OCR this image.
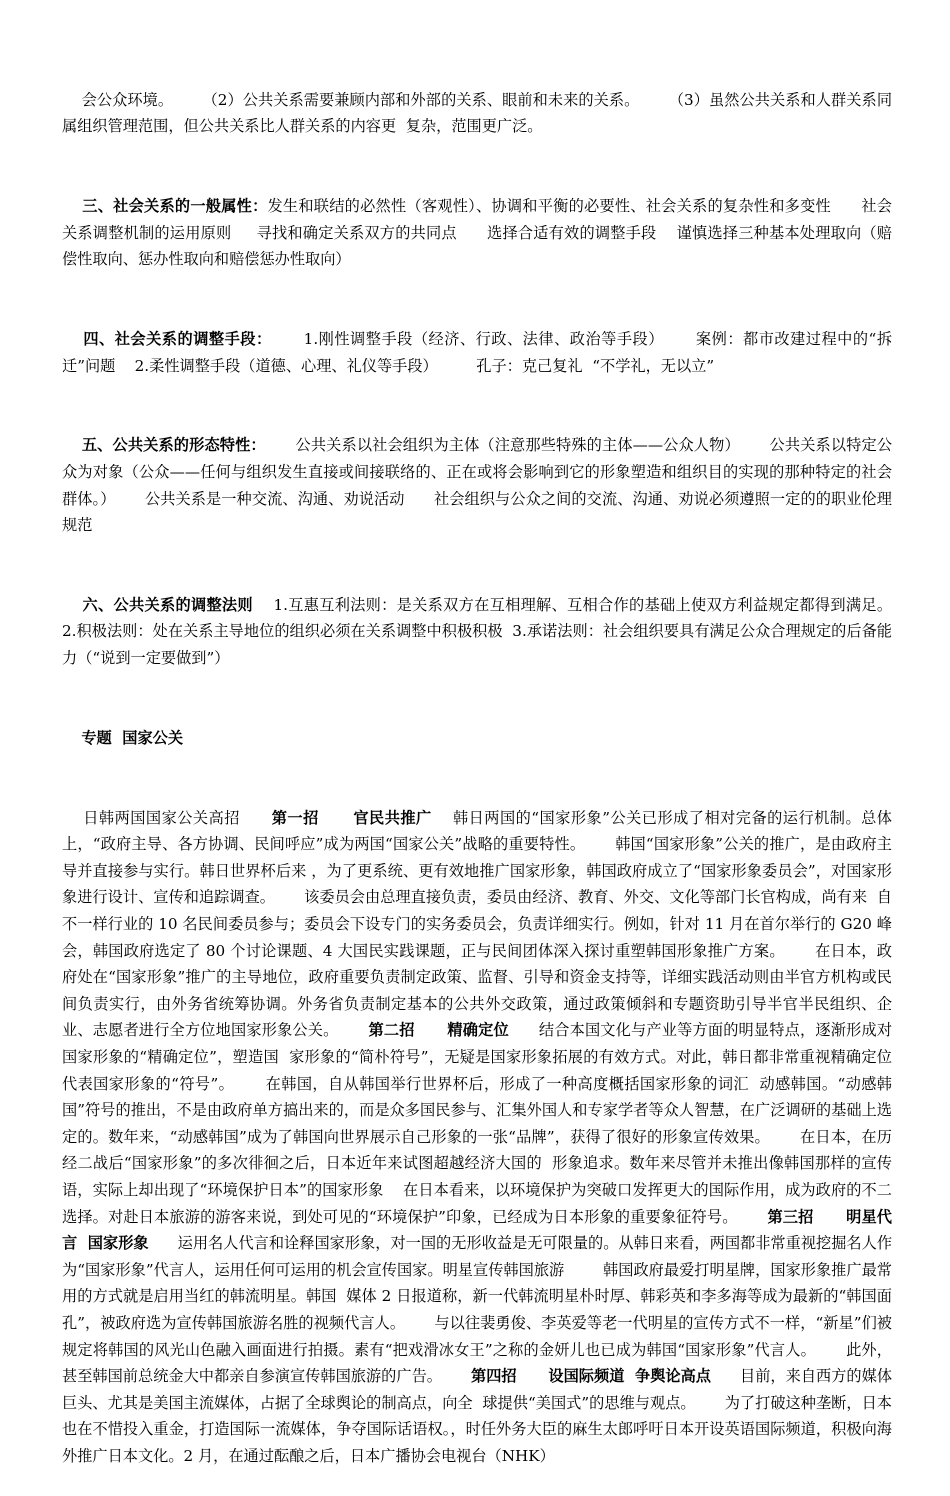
会公众环境。      （2）公共关系需要兼顾内部和外部的关系、眼前和未来的关系。      （3）虽然公共关系和人群关系同属组织管理范围，但公共关系比人群关系的内容更  复杂，范围更广泛。

三、社会关系的一般属性：发生和联结的必然性（客观性）、协调和平衡的必要性、社会关系的复杂性和多变性      社会关系调整机制的运用原则     寻找和确定关系双方的共同点      选择合适有效的调整手段    谨慎选择三种基本处理取向（赔偿性取向、惩办性取向和赔偿惩办性取向）

四、社会关系的调整手段：      1.刚性调整手段（经济、行政、法律、政治等手段）      案例：都市改建过程中的“拆迁”问题    2.柔性调整手段（道德、心理、礼仪等手段）        孔子：克己复礼  “不学礼，无以立”

五、公共关系的形态特性：      公共关系以社会组织为主体（注意那些特殊的主体——公众人物）      公共关系以特定公众为对象（公众——任何与组织发生直接或间接联络的、正在或将会影响到它的形象塑造和组织目的实现的那种特定的社会群体。）      公共关系是一种交流、沟通、劝说活动      社会组织与公众之间的交流、沟通、劝说必须遵照一定的的职业伦理规范

六、公共关系的调整法则    1.互惠互利法则：是关系双方在互相理解、互相合作的基础上使双方利益规定都得到满足。      2.积极法则：处在关系主导地位的组织必须在关系调整中积极积极  3.承诺法则：社会组织要具有满足公众合理规定的后备能力（“说到一定要做到”）

专题  国家公关

日韩两国国家公关高招      第一招      官民共推广    韩日两国的“国家形象”公关已形成了相对完备的运行机制。总体上，“政府主导、各方协调、民间呼应”成为两国“国家公关”战略的重要特性。      韩国“国家形象”公关的推广，是由政府主导并直接参与实行。韩日世界杯后来 ，为了更系统、更有效地推广国家形象，韩国政府成立了“国家形象委员会”，对国家形象进行设计、宣传和追踪调查。      该委员会由总理直接负责，委员由经济、教育、外交、文化等部门长官构成，尚有来  自不一样行业的 10 名民间委员参与；委员会下设专门的实务委员会，负责详细实行。例如，针对 11 月在首尔举行的 G20 峰会，韩国政府选定了 80 个讨论课题、4 大国民实践课题，正与民间团体深入探讨重塑韩国形象推广方案。      在日本，政府处在“国家形象”推广的主导地位，政府重要负责制定政策、监督、引导和资金支持等，详细实践活动则由半官方机构或民间负责实行，由外务省统筹协调。外务省负责制定基本的公共外交政策，通过政策倾斜和专题资助引导半官半民组织、企业、志愿者进行全方位地国家形象公关。      第二招      精确定位      结合本国文化与产业等方面的明显特点，逐渐形成对国家形象的“精确定位”，塑造国  家形象的“简朴符号”，无疑是国家形象拓展的有效方式。对此，韩日都非常重视精确定位代表国家形象的“符号”。      在韩国，自从韩国举行世界杯后，形成了一种高度概括国家形象的词汇  动感韩国。“动感韩国”符号的推出，不是由政府单方搞出来的，而是众多国民参与、汇集外国人和专家学者等众人智慧，在广泛调研的基础上选定的。数年来，“动感韩国”成为了韩国向世界展示自己形象的一张“品牌”，获得了很好的形象宣传效果。      在日本，在历经二战后“国家形象”的多次徘徊之后，日本近年来试图超越经济大国的  形象追求。数年来尽管并未推出像韩国那样的宣传语，实际上却出现了“环境保护日本”的国家形象    在日本看来，以环境保护为突破口发挥更大的国际作用，成为政府的不二选择。对赴日本旅游的游客来说，到处可见的“环境保护”印象，已经成为日本形象的重要象征符号。      第三招      明星代言  国家形象      运用名人代言和诠释国家形象，对一国的无形收益是无可限量的。从韩日来看，两国都非常重视挖掘名人作为“国家形象”代言人，运用任何可运用的机会宣传国家。明星宣传韩国旅游        韩国政府最爱打明星牌，国家形象推广最常用的方式就是启用当红的韩流明星。韩国  媒体 2 日报道称，新一代韩流明星朴时厚、韩彩英和李多海等成为最新的“韩国面孔”，被政府选为宣传韩国旅游名胜的视频代言人。      与以往裴勇俊、李英爱等老一代明星的宣传方式不一样，“新星”们被规定将韩国的风光山色融入画面进行拍摄。素有“把戏滑冰女王”之称的金妍儿也已成为韩国“国家形象”代言人。      此外，甚至韩国前总统金大中都亲自参演宣传韩国旅游的广告。      第四招      设国际频道  争舆论高点      目前，来自西方的媒体巨头、尤其是美国主流媒体，占据了全球舆论的制高点，向全  球提供“美国式”的思维与观点。      为了打破这种垄断，日本也在不惜投入重金，打造国际一流媒体，争夺国际话语权。，时任外务大臣的麻生太郎呼吁日本开设英语国际频道，积极向海外推广日本文化。2 月，在通过酝酿之后，日本广播协会电视台（NHK）
